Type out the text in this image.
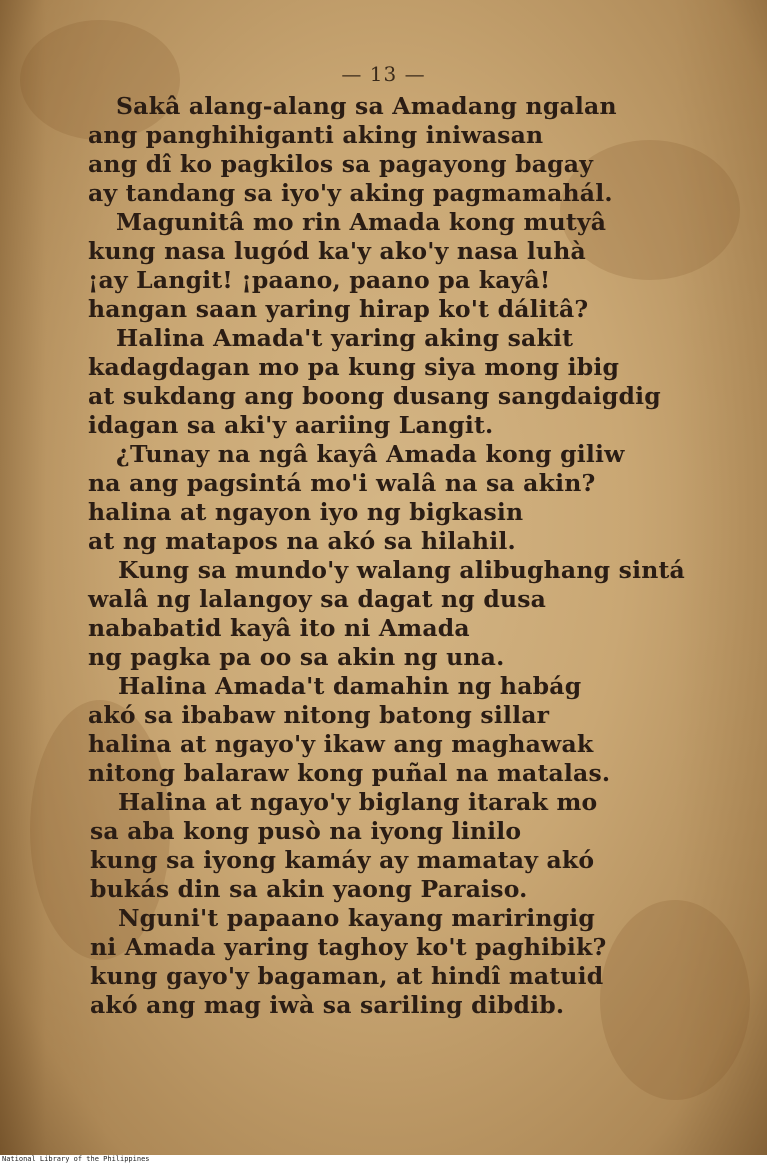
— 13 —
Sakâ alang-alang sa Amadang ngalan
ang panghihiganti aking iniwasan
ang dî ko pagkilos sa pagayong bagay
ay tandang sa iyo'y aking pagmamahál.
Magunitâ mo rin Amada kong mutyâ
kung nasa lugód ka'y ako'y nasa luhà
¡ay Langit! ¡paano, paano pa kayâ!
hangan saan yaring hirap ko't dálitâ?
Halina Amada't yaring aking sakit
kadagdagan mo pa kung siya mong ibig
at sukdang ang boong dusang sangdaigdig
idagan sa aki'y aariing Langit.
¿Tunay na ngâ kayâ Amada kong giliw
na ang pagsintá mo'i walâ na sa akin?
halina at ngayon iyo ng bigkasin
at ng matapos na akó sa hilahil.
Kung sa mundo'y walang alibughang sintá
walâ ng lalangoy sa dagat ng dusa
nababatid kayâ ito ni Amada
ng pagka pa oo sa akin ng una.
Halina Amada't damahin ng habág
akó sa ibabaw nitong batong sillar
halina at ngayo'y ikaw ang maghawak
nitong balaraw kong puñal na matalas.
Halina at ngayo'y biglang itarak mo
sa aba kong pusò na iyong linilo
kung sa iyong kamáy ay mamatay akó
bukás din sa akin yaong Paraiso.
Nguni't papaano kayang mariringig
ni Amada yaring taghoy ko't paghibik?
kung gayo'y bagaman, at hindî matuid
akó ang mag iwà sa sariling dibdib.
National Library of the Philippines
